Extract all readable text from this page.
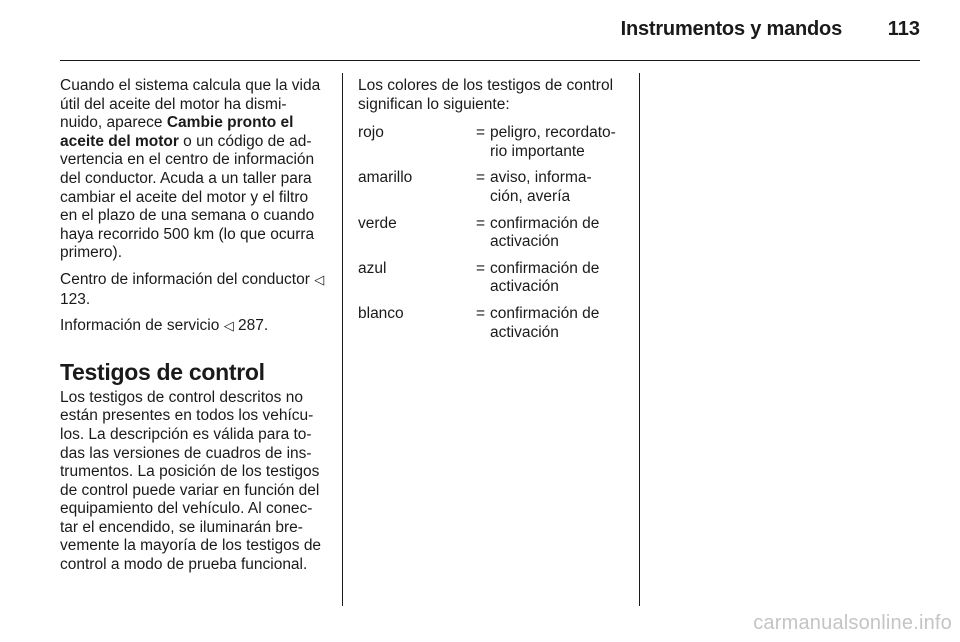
Instrumentos y mandos	113

Cuando el sistema calcula que la vida útil del aceite del motor ha dismi- nuido, aparece Cambie pronto el aceite del motor o un código de ad- vertencia en el centro de información del conductor. Acuda a un taller para cambiar el aceite del motor y el filtro en el plazo de una semana o cuando haya recorrido 500 km (lo que ocurra primero).

Centro de información del conductor ◁ 123.

Información de servicio ◁ 287.

Testigos de control

Los testigos de control descritos no están presentes en todos los vehícu- los. La descripción es válida para to- das las versiones de cuadros de ins- trumentos. La posición de los testigos de control puede variar en función del equipamiento del vehículo. Al conec- tar el encendido, se iluminarán bre- vemente la mayoría de los testigos de control a modo de prueba funcional.

Los colores de los testigos de control significan lo siguiente:

rojo	= peligro, recordato- rio importante
amarillo	= aviso, informa- ción, avería
verde	= confirmación de activación
azul	= confirmación de activación
blanco	= confirmación de activación
carmanualsonline.info
